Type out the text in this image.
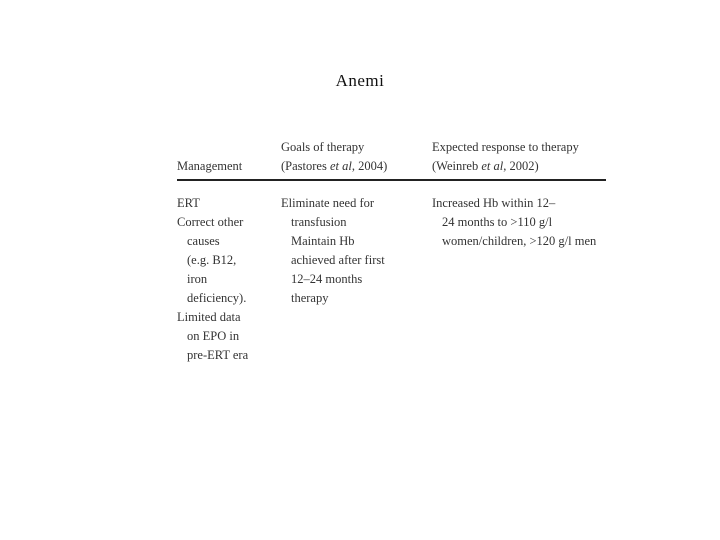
Anemi
Management
Goals of therapy
(Pastores et al, 2004)
Expected response to therapy
(Weinreb et al, 2002)
ERT
Correct other
causes
(e.g. B12,
iron
deficiency).
Limited data
on EPO in
pre-ERT era
Eliminate need for
transfusion
Maintain Hb
achieved after first
12–24 months
therapy
Increased Hb within 12–
24 months to >110 g/l
women/children, >120 g/l men
